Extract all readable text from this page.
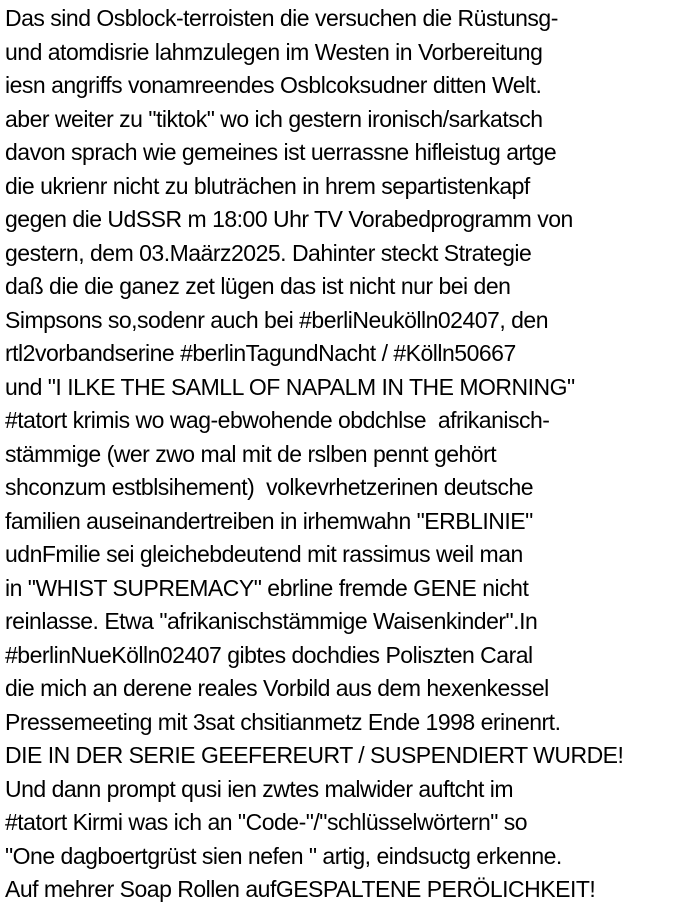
Das sind Osblock-terroisten die versuchen die Rüstunsg-
und atomdisrie lahmzulegen im Westen in Vorbereitung
iesn angriffs vonamreendes Osblcoksudner ditten Welt.
aber weiter zu "tiktok" wo ich gestern ironisch/sarkatsch
davon sprach wie gemeines ist uerrassne hifleistug artge
die ukrienr nicht zu bluträchen in hrem separtistenkapf
gegen die UdSSR m 18:00 Uhr TV Vorabedprogramm von
gestern, dem 03.Maärz2025. Dahinter steckt Strategie
daß die die ganez zet lügen das ist nicht nur bei den
Simpsons so,sodenr auch bei #berliNeukölln02407, den
rtl2vorbandserine #berlinTagundNacht / #Kölln50667
und "I ILKE THE SAMLL OF NAPALM IN THE MORNING"
#tatort krimis wo wag-ebwohende obdchlse  afrikanisch-
stämmige (wer zwo mal mit de rslben pennt gehört
shconzum estblsihement)  volkevrhetzerinen deutsche
familien auseinandertreiben in irhemwahn "ERBLINIE"
udnFmilie sei gleichebdeutend mit rassimus weil man
in "WHIST SUPREMACY" ebrline fremde GENE nicht
reinlasse. Etwa "afrikanischstämmige Waisenkinder".In
#berlinNueKölln02407 gibtes dochdies Poliszten Caral
die mich an derene reales Vorbild aus dem hexenkessel
Pressemeeting mit 3sat chsitianmetz Ende 1998 erinenrt.
DIE IN DER SERIE GEEFEREURT / SUSPENDIERT WURDE!
Und dann prompt qusi ien zwtes malwider auftcht im
#tatort Kirmi was ich an "Code-"/"schlüsselwörtern" so
"One dagboertgrüst sien nefen " artig, eindsuctg erkenne.
Auf mehrer Soap Rollen aufGESPALTENE PERÖLICHKEIT!
